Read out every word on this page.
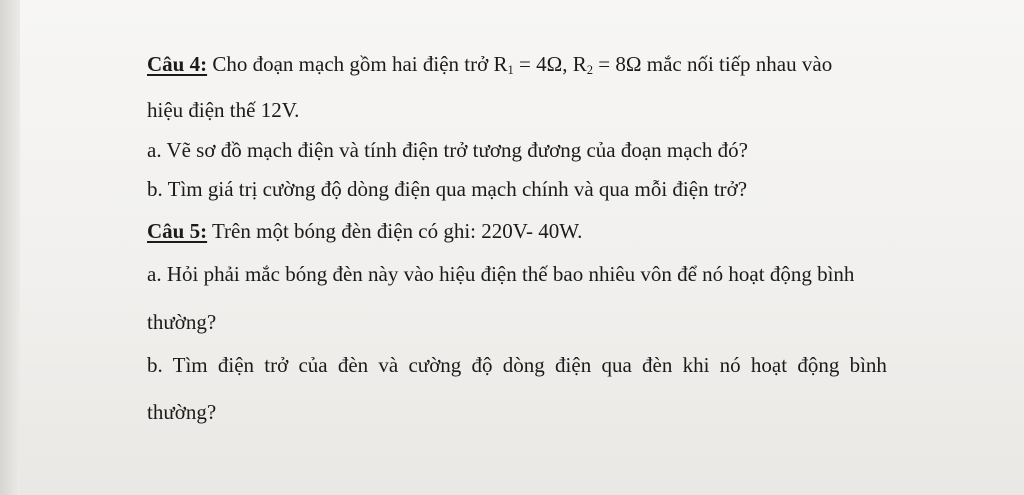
Câu 4: Cho đoạn mạch gồm hai điện trở $R_1 = 4\Omega$, $R_2 = 8\Omega$ mắc nối tiếp nhau vào
hiệu điện thế 12V.
a. Vẽ sơ đồ mạch điện và tính điện trở tương đương của đoạn mạch đó?
b. Tìm giá trị cường độ dòng điện qua mạch chính và qua mỗi điện trở?
Câu 5: Trên một bóng đèn điện có ghi: 220V- 40W.
a. Hỏi phải mắc bóng đèn này vào hiệu điện thế bao nhiêu vôn để nó hoạt động bình
thường?
b. Tìm điện trở của đèn và cường độ dòng điện qua đèn khi nó hoạt động bình
thường?
